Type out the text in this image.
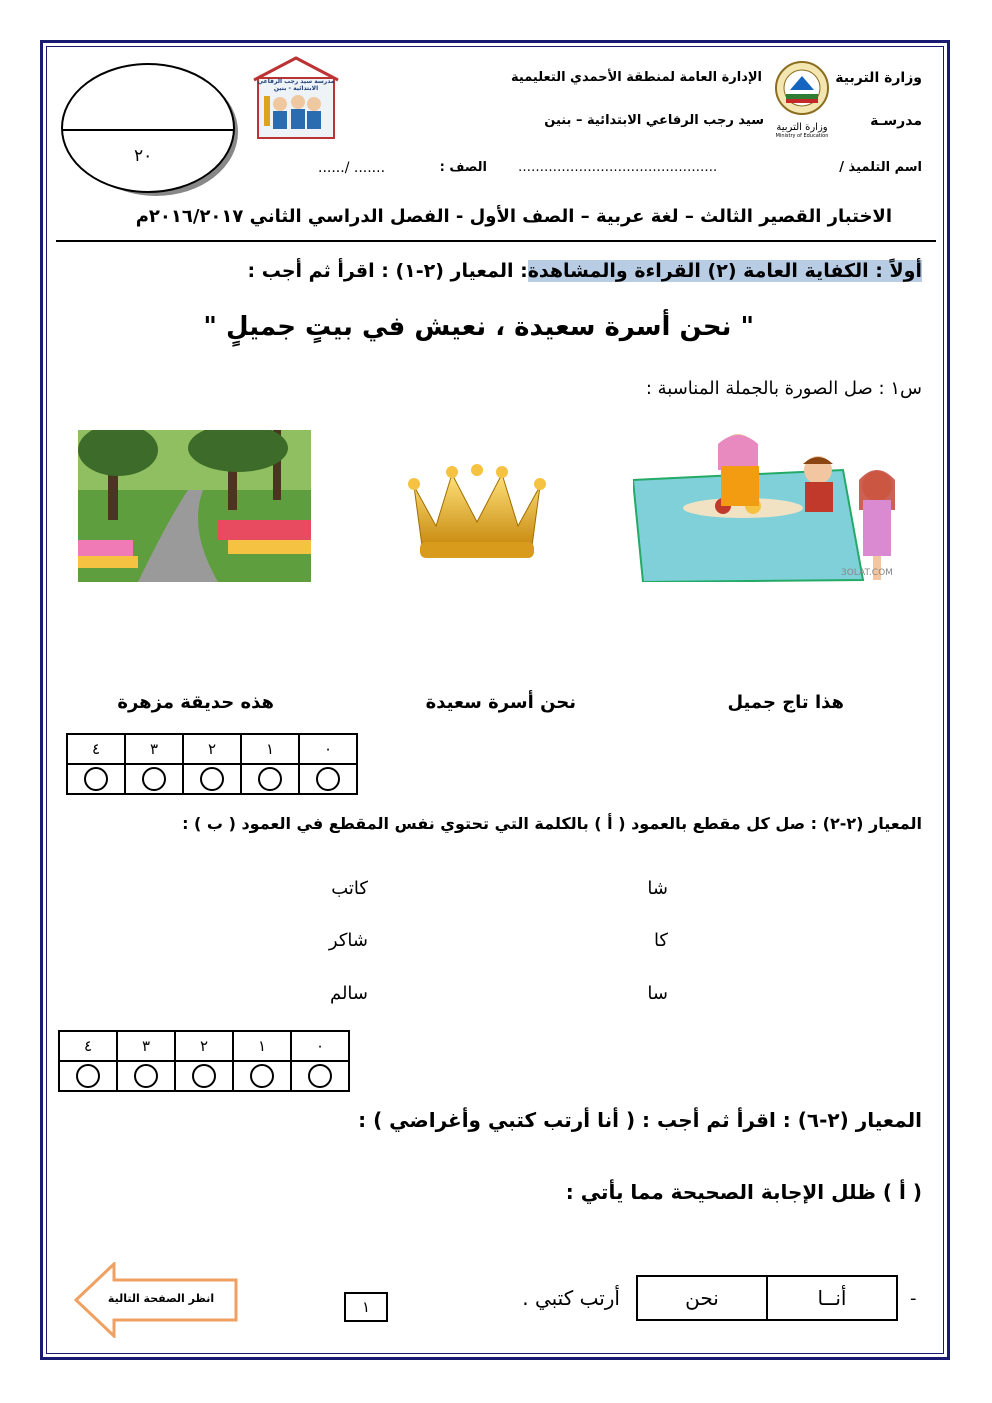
وزارة التربية
مدرسـة
الإدارة العامة لمنطقة الأحمدي التعليمية
سيد رجب الرفاعي الابتدائية – بنين	وزارة التربية
Ministry of Education
مدرسة سيد رجب الرفاعي الابتدائية - بنين
٢٠
اسم التلميذ /
……………………………………….
الصف :
....../ .......
الاختبار القصير الثالث – لغة عربية – الصف الأول - الفصل الدراسي الثاني ٢٠١٦/٢٠١٧م
أولاً : الكفاية العامة (٢) القراءة والمشاهدة: المعيار (٢-١) : اقرأ ثم أجب :
" نحن أسرة سعيدة ، نعيش في بيتٍ جميلٍ "
س١ : صل الصورة بالجملة المناسبة :
3OLAT.COM
هذا تاج جميل
نحن أسرة سعيدة
هذه حديقة مزهرة
٠	١	٢	٣	٤

المعيار (٢-٢) : صل كل مقطع بالعمود ( أ ) بالكلمة التي تحتوي نفس المقطع في العمود ( ب ) :
شا
كا
سا
كاتب
شاكر
سالم
٠	١	٢	٣	٤

المعيار (٢-٦) : اقرأ ثم أجب : ( أنا أرتب كتبي وأغراضي ) :
( أ ) ظلل الإجابة الصحيحة مما يأتي :
-
أنــا
نحن
أرتب كتبي .
١
انظر الصفحة التالية
